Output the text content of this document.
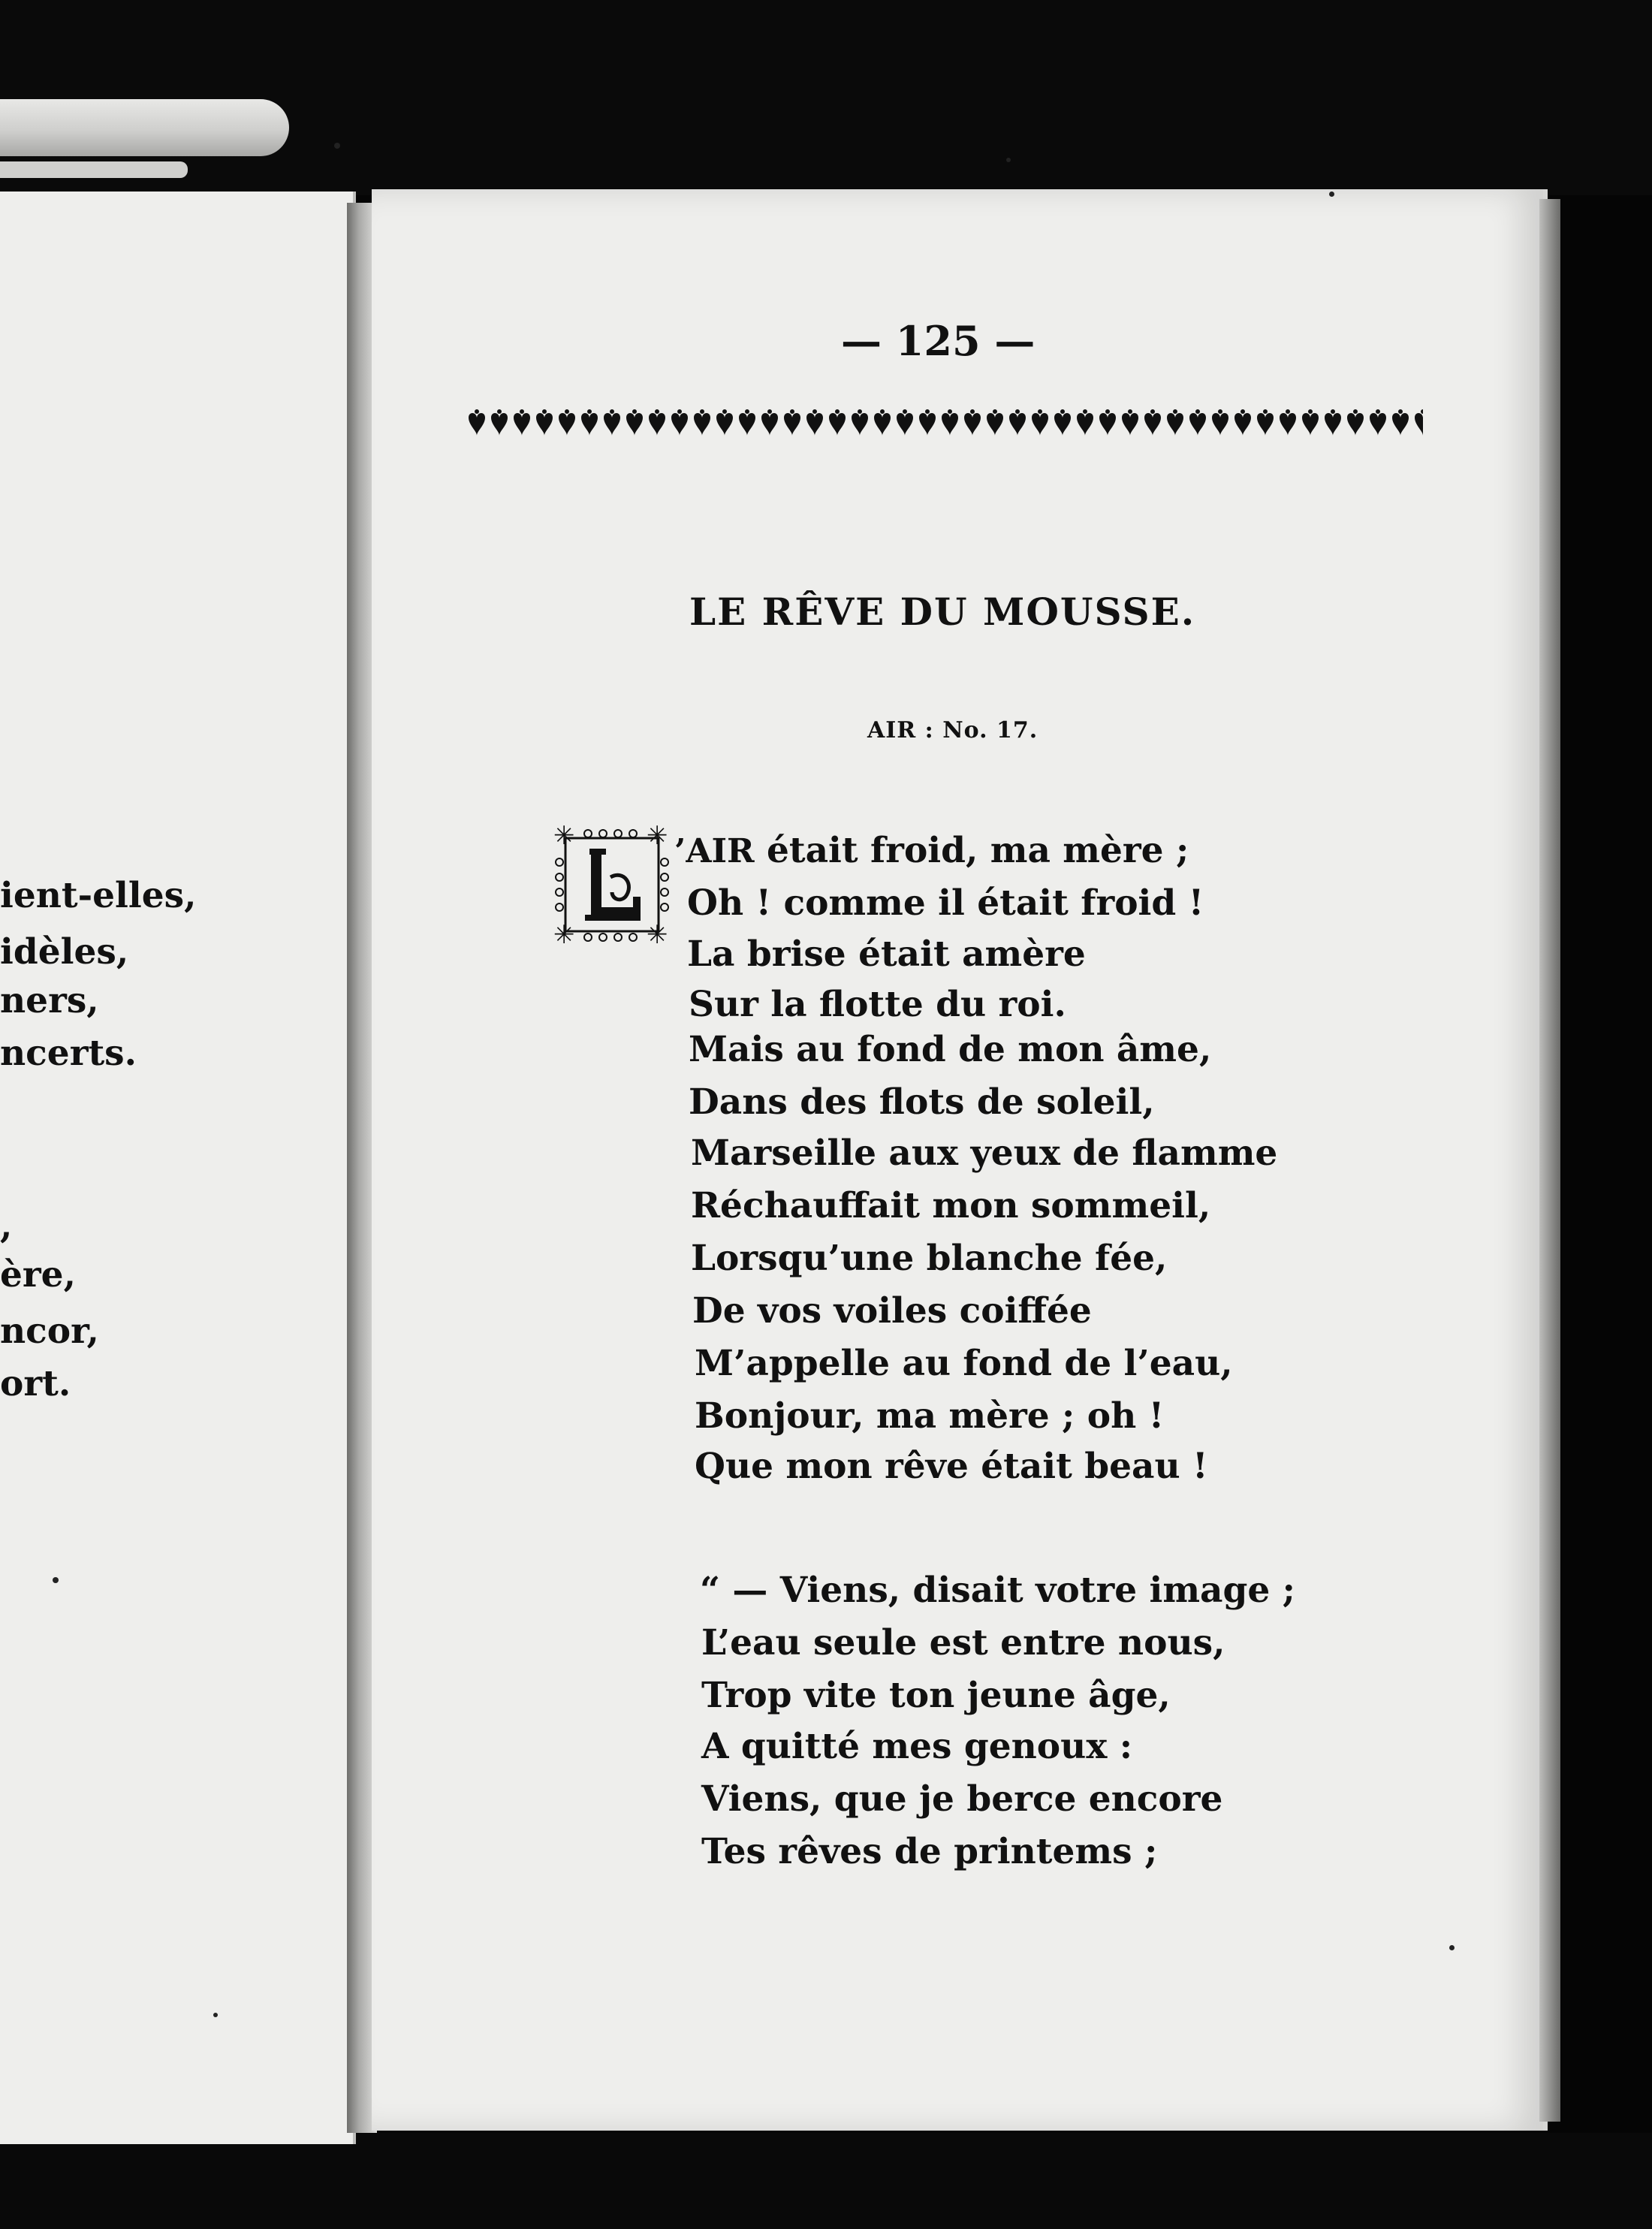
ient-elles,
idèles,
ners,
ncerts.
,
ère,
ncor,
ort.
— 125 —
LE RÊVE DU MOUSSE.
AIR : No. 17.
✳	✳
✳	✳
’AIR était froid, ma mère ;
Oh ! comme il était froid !
La brise était amère
Sur la flotte du roi.
Mais au fond de mon âme,
Dans des flots de soleil,
Marseille aux yeux de flamme
Réchauffait mon sommeil,
Lorsqu’une blanche fée,
De vos voiles coiffée
M’appelle au fond de l’eau,
Bonjour, ma mère ; oh !
Que mon rêve était beau !
“ — Viens, disait votre image ;
L’eau seule est entre nous,
Trop vite ton jeune âge,
A quitté mes genoux :
Viens, que je berce encore
Tes rêves de printems ;
